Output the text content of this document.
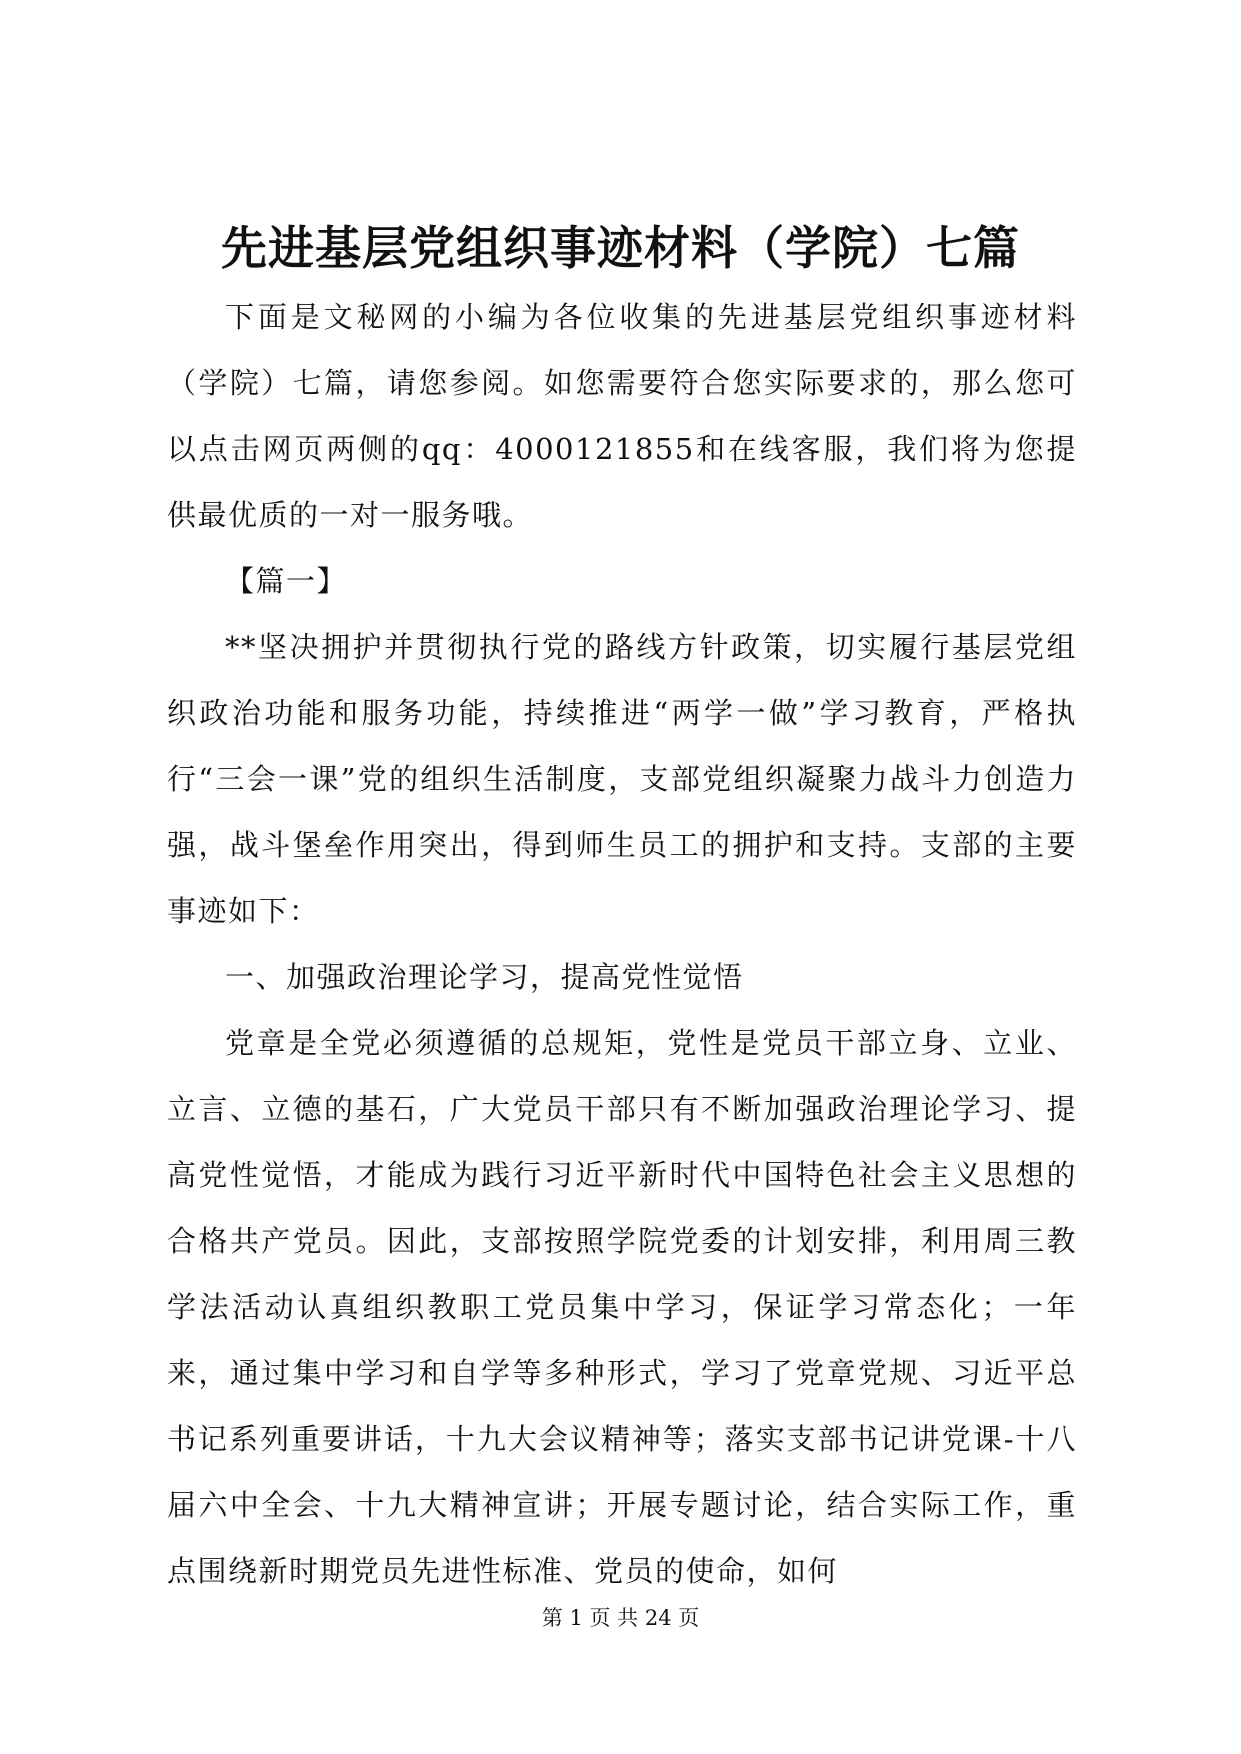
先进基层党组织事迹材料（学院）七篇

下面是文秘网的小编为各位收集的先进基层党组织事迹材料（学院）七篇，请您参阅。如您需要符合您实际要求的，那么您可以点击网页两侧的qq：4000121855和在线客服，我们将为您提供最优质的一对一服务哦。

【篇一】

**坚决拥护并贯彻执行党的路线方针政策，切实履行基层党组织政治功能和服务功能，持续推进“两学一做”学习教育，严格执行“三会一课”党的组织生活制度，支部党组织凝聚力战斗力创造力强，战斗堡垒作用突出，得到师生员工的拥护和支持。支部的主要事迹如下：

一、加强政治理论学习，提高党性觉悟

党章是全党必须遵循的总规矩，党性是党员干部立身、立业、立言、立德的基石，广大党员干部只有不断加强政治理论学习、提高党性觉悟，才能成为践行习近平新时代中国特色社会主义思想的合格共产党员。因此，支部按照学院党委的计划安排，利用周三教学法活动认真组织教职工党员集中学习，保证学习常态化；一年来，通过集中学习和自学等多种形式，学习了党章党规、习近平总书记系列重要讲话，十九大会议精神等；落实支部书记讲党课-十八届六中全会、十九大精神宣讲；开展专题讨论，结合实际工作，重点围绕新时期党员先进性标准、党员的使命，如何

第 1 页 共 24 页
